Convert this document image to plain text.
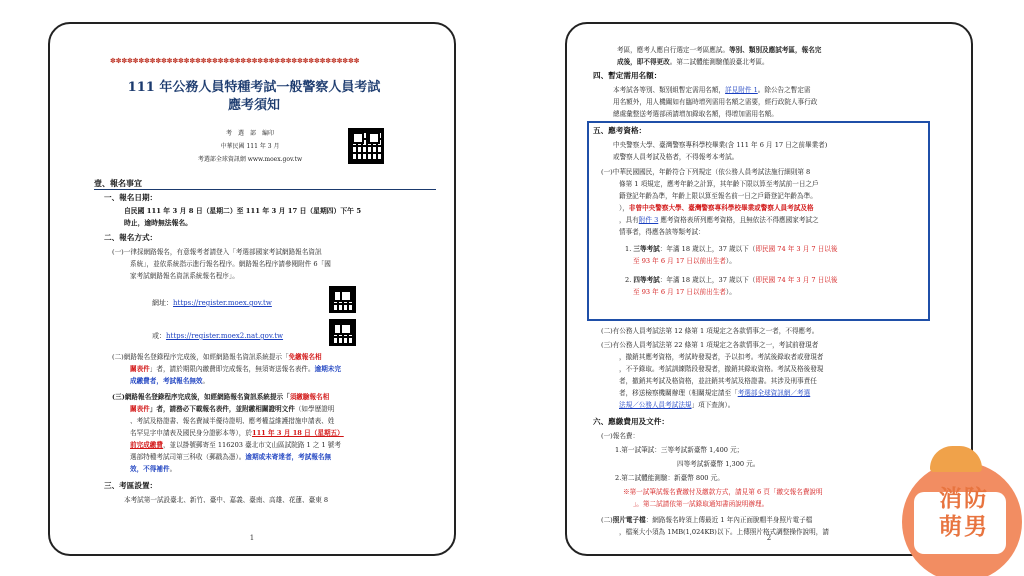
✽✽✽✽✽✽✽✽✽✽✽✽✽✽✽✽✽✽✽✽✽✽✽✽✽✽✽✽✽✽✽✽✽✽✽✽✽✽✽✽✽✽✽✽
111 年公務人員特種考試一般警察人員考試
應考須知
考　選　部　編印
中華民國 111 年 3 月
考選部全球資訊網 www.moex.gov.tw
壹、報名事宜
一、報名日期：
自民國 111 年 3 月 8 日（星期二）至 111 年 3 月 17 日（星期四）下午 5
時止，逾時無法報名。
二、報名方式：
(一)一律採網路報名，有意報考者請登入「考選部國家考試網路報名資訊
系統」，並依系統指示進行報名程序。網路報名程序請參閱附件 6「國
家考試網路報名資訊系統報名程序」。
網址：https://register.moex.gov.tw
或：https://register.moex2.nat.gov.tw
(二)網路報名登錄程序完成後，如經網路報名資訊系統提示「免繳報名相
關表件」者，請於期限內繳費即完成報名，無須寄送報名表件。逾期未完
成繳費者，考試報名無效。
(三)網路報名登錄程序完成後，如經網路報名資訊系統提示「須繳驗報名相
關表件」者，請務必下載報名表件，並附繳相關證明文件（如學歷證明
、考試及格證書、報名費減半優待證明、應考權益維護措施申請表、姓
名罕見字申請表及國民身分證影本等），於111 年 3 月 18 日（星期五）
前完成繳費，並以掛號郵寄至 116203 臺北市文山區試院路 1 之 1 號考
選部特種考試司第三科收（郵戳為憑）。逾期或未寄達者，考試報名無
效，不得補件。
三、考區設置：
本考試第一試設臺北、新竹、臺中、嘉義、臺南、高雄、花蓮、臺東 8
1
考區，應考人應自行選定一考區應試。等別、類別及應試考區，報名完
成後，即不得更改。第二試體能測驗僅設臺北考區。
四、暫定需用名額：
本考試各等別、類別組暫定需用名額，詳見附件 1。除公告之暫定需
用名額外，用人機關如有臨時增列需用名額之需要，經行政院人事行政
總處彙整送考選部函請增加錄取名額，得增加需用名額。
五、應考資格：
中央警察大學、臺灣警察專科學校畢業(含 111 年 6 月 17 日之前畢業者)
或警察人員考試及格者，不得報考本考試。
(一)中華民國國民，年齡符合下列規定（依公務人員考試法施行細則第 8
條第 1 項規定，應考年齡之計算，其年齡下限以算至考試前一日之戶
籍登記年齡為準，年齡上限以算至報名前一日之戶籍登記年齡為準。
），非曾中央警察大學、臺灣警察專科學校畢業或警察人員考試及格
，具有附件 3 應考資格表所列應考資格，且無依法不得應國家考試之
情事者，得應各該等類考試：
1. 三等考試：年滿 18 歲以上，37 歲以下（即民國 74 年 3 月 7 日以後
至 93 年 6 月 17 日以前出生者）。
2. 四等考試：年滿 18 歲以上，37 歲以下（即民國 74 年 3 月 7 日以後
至 93 年 6 月 17 日以前出生者）。
(二)有公務人員考試法第 12 條第 1 項規定之各款情事之一者，不得應考。
(三)有公務人員考試法第 22 條第 1 項規定之各款情事之一，考試前發現者
，撤銷其應考資格，考試時發現者，予以扣考。考試後錄取者或發現者
，不予錄取。考試訓練階段發現者，撤銷其錄取資格。考試及格後發現
者，撤銷其考試及格資格，並註銷其考試及格證書。其涉及刑事責任
者，移送檢察機關辦理（相關規定請至「考選部全球資訊網／考選
法規／公務人員考試法規」項下查詢）。
六、應繳費用及文件：
(一)報名費：
1.第一試筆試：三等考試新臺幣 1,400 元；
四等考試新臺幣 1,300 元。
2.第二試體能測驗：新臺幣 800 元。
※第一試筆試報名費繳付及繳款方式，請見第 6 頁「繳交報名費說明
」。第二試請依第一試錄取通知書函說明辦理。
(二)照片電子檔：網路報名時須上傳最近 1 年內正面脫帽半身照片電子檔
，檔案大小須為 1MB(1,024KB)以下。上傳照片格式調整操作說明，請
2
消防
萌男
